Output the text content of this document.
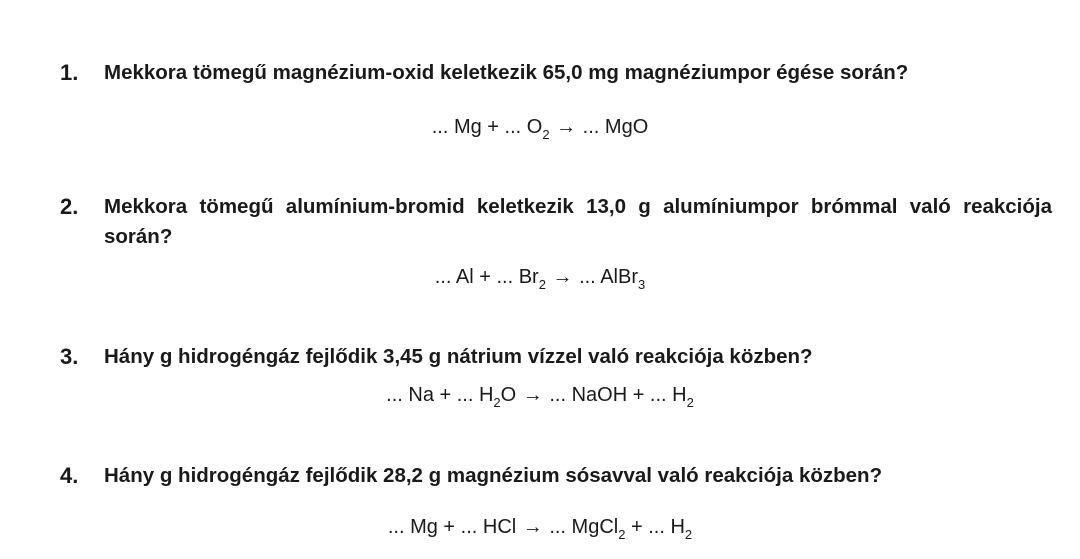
1.	Mekkora tömegű magnézium-oxid keletkezik 65,0 mg magnéziumpor égése során?
... Mg + ... $O_2$ → ... MgO
2.	Mekkora tömegű alumínium-bromid keletkezik 13,0 g alumíniumpor brómmal való reakciója során?
... Al + ... $Br_2$ → ... AlBr$_3$
3.	Hány g hidrogéngáz fejlődik 3,45 g nátrium vízzel való reakciója közben?
... Na + ... $H_2O$ → ... NaOH + ... $H_2$
4.	Hány g hidrogéngáz fejlődik 28,2 g magnézium sósavval való reakciója közben?
... Mg + ... HCl → ... MgCl$_2$ + ... $H_2$
